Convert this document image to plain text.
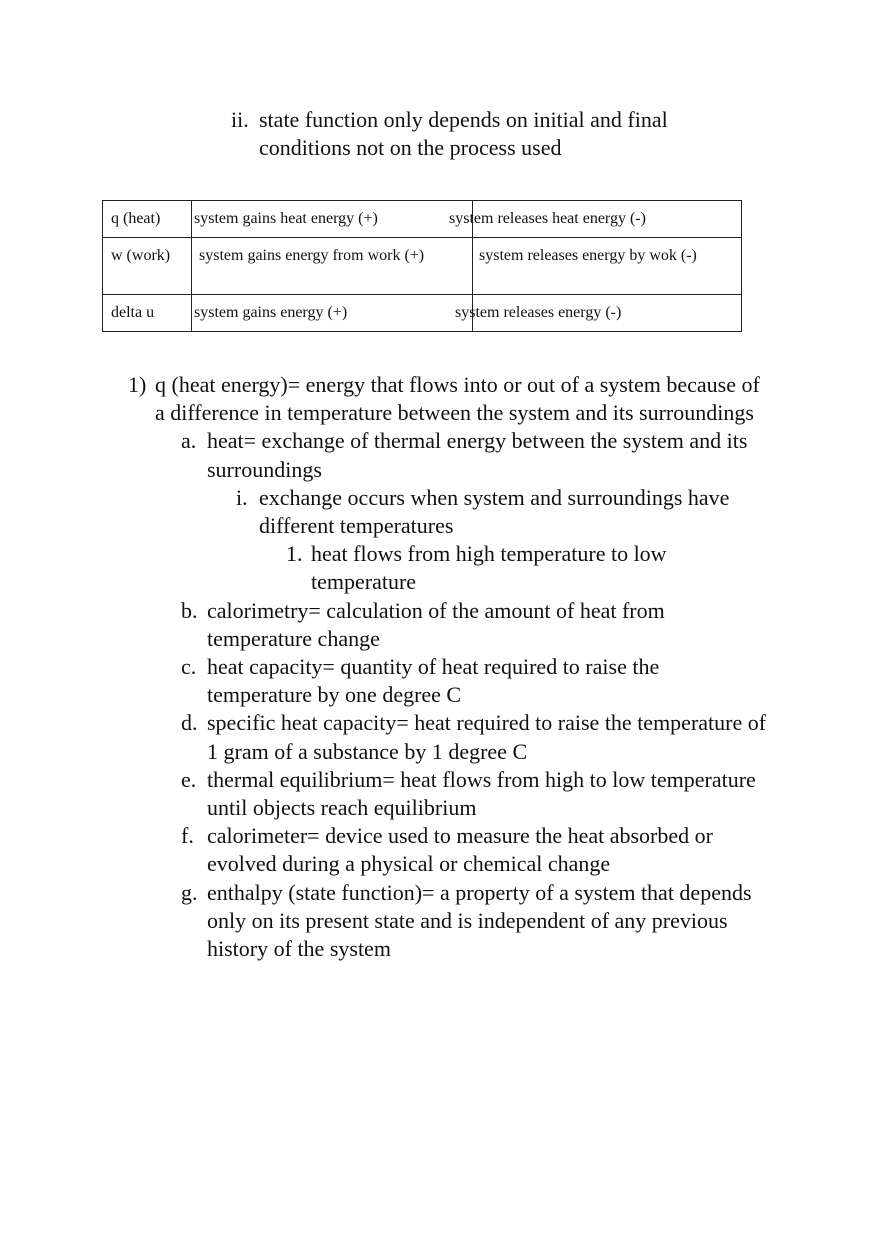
ii. state function only depends on initial and final conditions not on the process used
q (heat)	system gains heat energy (+)	system releases heat energy (-)
w (work)	system gains energy from work (+)	system releases energy by wok (-)

delta u	system gains energy (+)	system releases energy (-)
1) q (heat energy)= energy that flows into or out of a system because of a difference in temperature between the system and its surroundings
a. heat= exchange of thermal energy between the system and its surroundings
i. exchange occurs when system and surroundings have different temperatures
1. heat flows from high temperature to low temperature
b. calorimetry= calculation of the amount of heat from temperature change
c. heat capacity= quantity of heat required to raise the temperature by one degree C
d. specific heat capacity= heat required to raise the temperature of 1 gram of a substance by 1 degree C
e. thermal equilibrium= heat flows from high to low temperature until objects reach equilibrium
f. calorimeter= device used to measure the heat absorbed or evolved during a physical or chemical change
g. enthalpy (state function)= a property of a system that depends only on its present state and is independent of any previous history of the system
